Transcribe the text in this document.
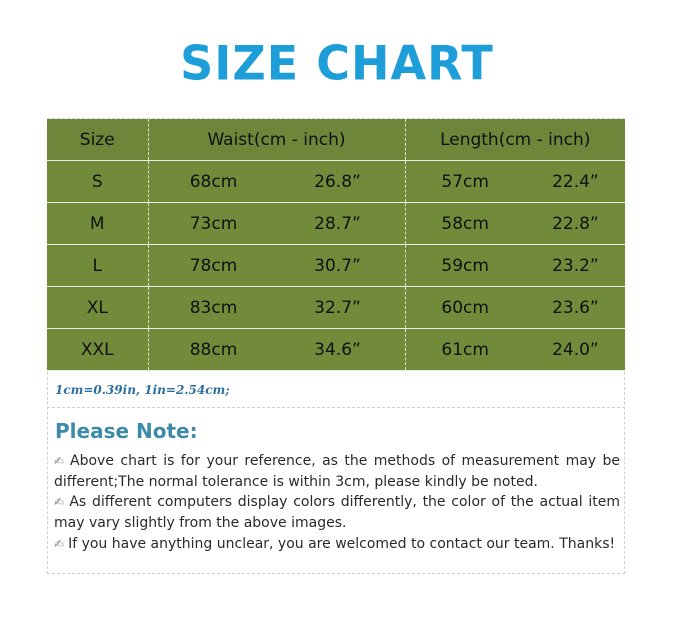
SIZE CHART
Size	Waist(cm - inch)	Length(cm - inch)
S	68cm 26.8”	57cm 22.4”

M	73cm 28.7”	58cm 22.8”

L	78cm 30.7”	59cm 23.2”

XL	83cm 32.7”	60cm 23.6”

XXL	88cm 34.6”	61cm 24.0”
1cm=0.39in, 1in=2.54cm;
Please Note:

✍ Above chart is for your reference, as the methods of measurement may be different;The normal tolerance is within 3cm, please kindly be noted.

✍ As different computers display colors differently, the color of the actual item may vary slightly from the above images.

✍ If you have anything unclear, you are welcomed to contact our team. Thanks!
